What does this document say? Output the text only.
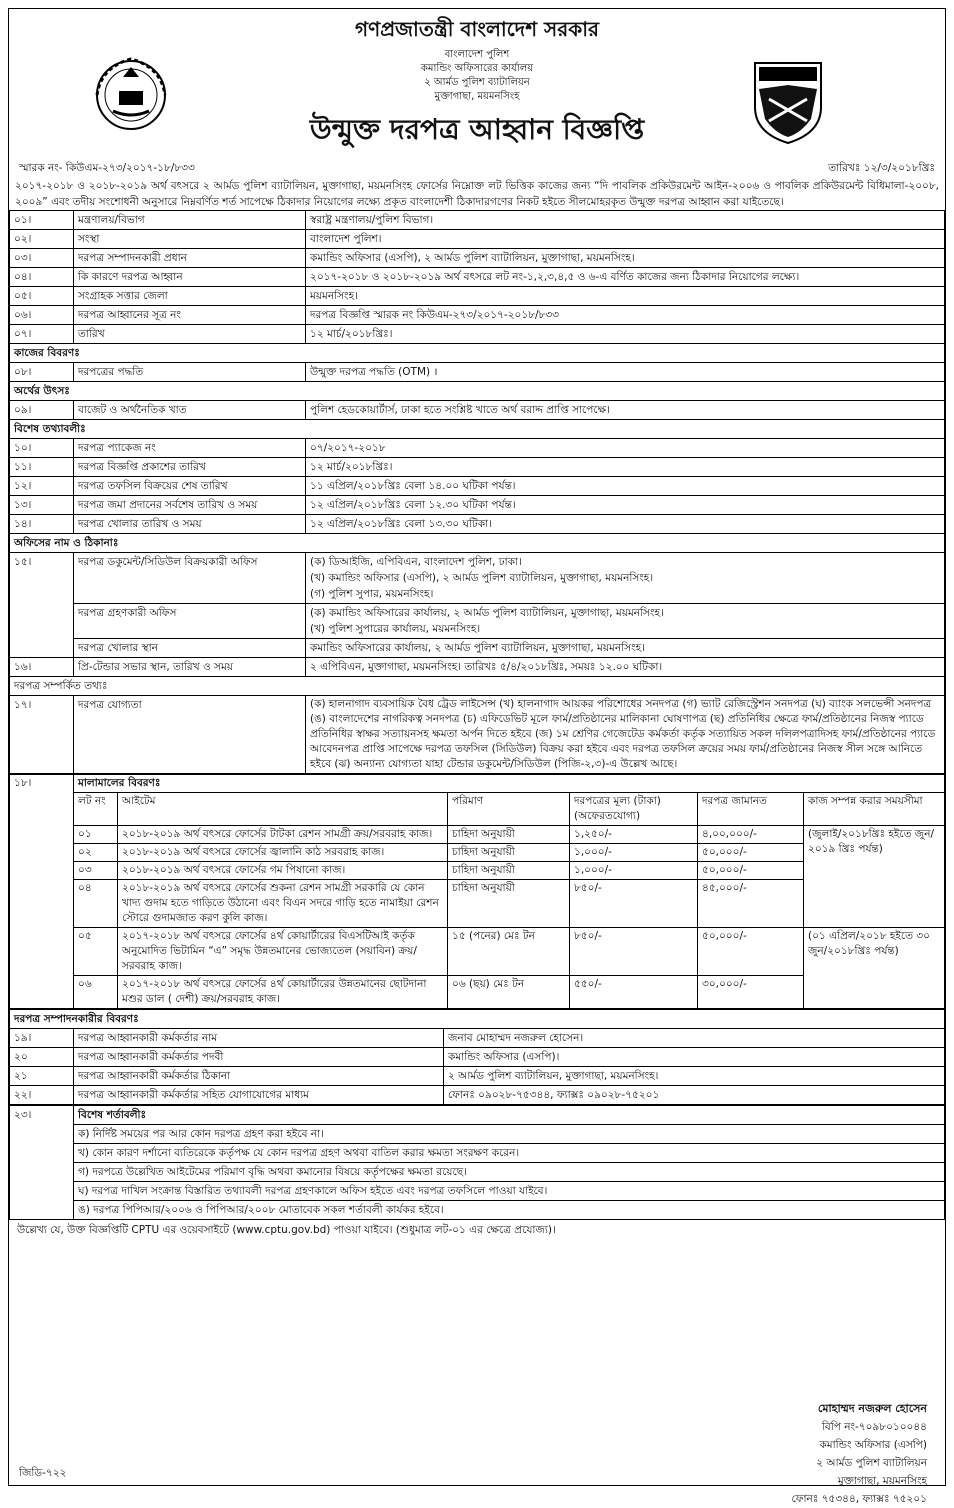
গণপ্রজাতন্ত্রী বাংলাদেশ সরকার
বাংলাদেশ পুলিশ
কমান্ডিং অফিসারের কার্যালয়
২ আর্মড পুলিশ ব্যাটালিয়ন
মুক্তাগাছা, ময়মনসিংহ
উন্মুক্ত দরপত্র আহ্বান বিজ্ঞপ্তি
স্মারক নং- কিউএম-২৭৩/২০১৭-১৮/৮৩৩	তারিখঃ ১২/৩/২০১৮খ্রিঃ
২০১৭-২০১৮ ও ২০১৮-২০১৯ অর্থ বৎসরে ২ আর্মড পুলিশ ব্যাটালিয়ন, মুক্তাগাছা, ময়মনসিংহ ফোর্সের নিম্নোক্ত লট ভিত্তিক কাজের জন্য “দি পাবলিক প্রকিউরমেন্ট আইন-২০০৬ ও পাবলিক প্রকিউরমেন্ট বিধিমালা-২০০৮, ২০০৯” এবং তদীয় সংশোধনী অনুসারে নিম্নবর্ণিত শর্ত সাপেক্ষে ঠিকাদার নিয়োগের লক্ষ্যে প্রকৃত বাংলাদেশী ঠিকাদারগণের নিকট হইতে সীলমোহরকৃত উন্মুক্ত দরপত্র আহ্বান করা যাইতেছে।
০১।	মন্ত্রণালয়/বিভাগ	স্বরাষ্ট্র মন্ত্রণালয়/পুলিশ বিভাগ।
০২।	সংস্থা	বাংলাদেশ পুলিশ।
০৩।	দরপত্র সম্পাদনকারী প্রধান	কমান্ডিং অফিসার (এসপি), ২ আর্মড পুলিশ ব্যাটালিয়ন, মুক্তাগাছা, ময়মনসিংহ।
০৪।	কি কারণে দরপত্র আহ্বান	২০১৭-২০১৮ ও ২০১৮-২০১৯ অর্থ বৎসরে লট নং-১,২,৩,৪,৫ ও ৬-এ বর্ণিত কাজের জন্য ঠিকাদার নিয়োগের লক্ষ্যে।
০৫।	সংগ্রাহক সত্তার জেলা	ময়মনসিংহ।
০৬।	দরপত্র আহ্বানের সূত্র নং	দরপত্র বিজ্ঞপ্তি স্মারক নং কিউএম-২৭৩/২০১৭-২০১৮/৮৩৩
০৭।	তারিখ	১২ মার্চ/২০১৮খ্রিঃ।
কাজের বিবরণঃ		
০৮।	দরপত্রের পদ্ধতি	উন্মুক্ত দরপত্র পদ্ধতি (OTM) ।
অর্থের উৎসঃ		
০৯।	বাজেট ও অর্থনৈতিক খাত	পুলিশ হেডকোয়ার্টার্স, ঢাকা হতে সংশ্লিষ্ট খাতে অর্থ বরাদ্দ প্রাপ্তি সাপেক্ষে।
বিশেষ তথ্যাবলীঃ		
১০।	দরপত্র প্যাকেজ নং	০৭/২০১৭-২০১৮
১১।	দরপত্র বিজ্ঞপ্তি প্রকাশের তারিখ	১২ মার্চ/২০১৮খ্রিঃ।
১২।	দরপত্র তফসিল বিক্রয়ের শেষ তারিখ	১১ এপ্রিল/২০১৮খ্রিঃ বেলা ১৪.০০ ঘটিকা পর্যন্ত।
১৩।	দরপত্র জমা প্রদানের সর্বশেষ তারিখ ও সময়	১২ এপ্রিল/২০১৮খ্রিঃ বেলা ১২.৩০ ঘটিকা পর্যন্ত।
১৪।	দরপত্র খোলার তারিখ ও সময়	১২ এপ্রিল/২০১৮খ্রিঃ বেলা ১৩.৩০ ঘটিকা।
অফিসের নাম ও ঠিকানাঃ		
১৫।	দরপত্র ডকুমেন্ট/সিডিউল বিক্রয়কারী অফিস	(ক) ডিআইজি, এপিবিএন, বাংলাদেশ পুলিশ, ঢাকা।
(খ) কমান্ডিং অফিসার (এসপি), ২ আর্মড পুলিশ ব্যাটালিয়ন, মুক্তাগাছা, ময়মনসিংহ।
(গ) পুলিশ সুপার, ময়মনসিংহ।

	দরপত্র গ্রহণকারী অফিস	(ক) কমান্ডিং অফিসারের কার্যালয়, ২ আর্মড পুলিশ ব্যাটালিয়ন, মুক্তাগাছা, ময়মনসিংহ।
(খ) পুলিশ সুপারের কার্যালয়, ময়মনসিংহ।

	দরপত্র খোলার স্থান	কমান্ডিং অফিসারের কার্যালয়, ২ আর্মড পুলিশ ব্যাটালিয়ন, মুক্তাগাছা, ময়মনসিংহ।
১৬।	প্রি-টেন্ডার সভার স্থান, তারিখ ও সময়	২ এপিবিএন, মুক্তাগাছা, ময়মনসিংহ। তারিখঃ ৫/৪/২০১৮খ্রিঃ, সময়ঃ ১২.০০ ঘটিকা।
দরপত্র সম্পর্কিত তথ্যঃ		
১৭।	দরপত্র যোগ্যতা	(ক) হালনাগাদ ব্যবসায়িক বৈধ ট্রেড লাইসেন্স (খ) হালনাগাদ আয়কর পরিশোধের সনদপত্র (গ) ভ্যাট রেজিস্ট্রেশন সনদপত্র (ঘ) ব্যাংক সলভেন্সী সনদপত্র (ঙ) বাংলাদেশের নাগরিকত্ব সনদপত্র (চ) এফিডেভিট মূলে ফার্ম/প্রতিষ্ঠানের মালিকানা ঘোষণাপত্র (ছ) প্রতিনিধির ক্ষেত্রে ফার্ম/প্রতিষ্ঠানের নিজস্ব প্যাডে প্রতিনিধির স্বাক্ষর সত্যায়নসহ ক্ষমতা অর্পন দিতে হইবে (জ) ১ম শ্রেণির গেজেটেড কর্মকর্তা কর্তৃক সত্যায়িত সকল দলিলপত্রাদিসহ ফার্ম/প্রতিষ্ঠানের প্যাডে আবেদনপত্র প্রাপ্তি সাপেক্ষে দরপত্র তফসিল (সিডিউল) বিক্রয় করা হইবে এবং দরপত্র তফসিল ক্রয়ের সময় ফার্ম/প্রতিষ্ঠানের নিজস্ব সীল সঙ্গে আনিতে হইবে (ঝ) অন্যান্য যোগ্যতা যাহা টেন্ডার ডকুমেন্ট/সিডিউল (পিজি-২,৩)-এ উল্লেখ আছে।
১৮।	মালামালের বিবরণঃ					
	লট নং	আইটেম	পরিমাণ	দরপত্রের মূল্য (টাকা) (অফেরতযোগ্য)	দরপত্র জামানত	কাজ সম্পন্ন করার সময়সীমা
	০১	২০১৮-২০১৯ অর্থ বৎসরে ফোর্সের টাটকা রেশন সামগ্রী ক্রয়/সরবরাহ কাজ।	চাহিদা অনুযায়ী	১,২৫০/-	৪,০০,০০০/-	(জুলাই/২০১৮খ্রিঃ হইতে জুন/২০১৯ খ্রিঃ পর্যন্ত)
	০২	২০১৮-২০১৯ অর্থ বৎসরে ফোর্সের জ্বালানি কাঠ সরবরাহ কাজ।	চাহিদা অনুযায়ী	১,০০০/-	৫০,০০০/-	
	০৩	২০১৮-২০১৯ অর্থ বৎসরে ফোর্সের গম পিষানো কাজ।	চাহিদা অনুযায়ী	১,০০০/-	৫০,০০০/-	
	০৪	২০১৮-২০১৯ অর্থ বৎসরে ফোর্সের শুকনা রেশন সামগ্রী সরকারি যে কোন খাদ্য গুদাম হতে গাড়িতে উঠানো এবং বিএন সদরে গাড়ি হতে নামাইয়া রেশন স্টোরে গুদামজাত করণ কুলি কাজ।	চাহিদা অনুযায়ী	৮৫০/-	৪৫,০০০/-	
	০৫	২০১৭-২০১৮ অর্থ বৎসরে ফোর্সের ৪র্থ কোয়ার্টারের বিএসটিআই কর্তৃক অনুমোদিত ভিটামিন “এ” সমৃদ্ধ উন্নতমানের ভোজ্যতেল (সয়াবিন) ক্রয়/সরবরাহ কাজ।	১৫ (পনের) মেঃ টন	৮৫০/-	৫০,০০০/-	(০১ এপ্রিল/২০১৮ হইতে ৩০ জুন/২০১৮খ্রিঃ পর্যন্ত)
	০৬	২০১৭-২০১৮ অর্থ বৎসরে ফোর্সের ৪র্থ কোয়ার্টারের উন্নতমানের ছোটদানা মশুর ডাল ( দেশী) ক্রয়/সরবরাহ কাজ।	০৬ (ছয়) মেঃ টন	৫৫০/-	৩০,০০০/-	
দরপত্র সম্পাদনকারীর বিবরণঃ		
১৯।	দরপত্র আহ্বানকারী কর্মকর্তার নাম	জনাব মোহাম্মদ নজরুল হোসেন।
২০	দরপত্র আহ্বানকারী কর্মকর্তার পদবী	কমান্ডিং অফিসার (এসপি)।
২১	দরপত্র আহ্বানকারী কর্মকর্তার ঠিকানা	২ আর্মড পুলিশ ব্যাটালিয়ন, মুক্তাগাছা, ময়মনসিংহ।
২২।	দরপত্র আহ্বানকারী কর্মকর্তার সহিত যোগাযোগের মাধ্যম	ফোনঃ ০৯০২৮-৭৫৩৪৪, ফ্যাক্সঃ ০৯০২৮-৭৫২০১
২৩।	বিশেষ শর্তাবলীঃ
ক) নির্দিষ্ট সময়ের পর আর কোন দরপত্র গ্রহণ করা হইবে না।
খ) কোন কারণ দর্শানো ব্যতিরেকে কর্তৃপক্ষ যে কোন দরপত্র গ্রহণ অথবা বাতিল করার ক্ষমতা সংরক্ষণ করেন।
গ) দরপত্রে উল্লেখিত আইটেমের পরিমাণ বৃদ্ধি অথবা কমানোর বিষয়ে কর্তৃপক্ষের ক্ষমতা রয়েছে।
ঘ) দরপত্র দাখিল সংক্রান্ত বিস্তারিত তথ্যাবলী দরপত্র গ্রহণকালে অফিস হইতে এবং দরপত্র তফসিলে পাওয়া যাইবে।
ঙ) দরপত্র পিপিআর/২০০৬ ও পিপিআর/২০০৮ মোতাবেক সকল শর্তাবলী কার্যকর হইবে।
উল্লেখ্য যে, উক্ত বিজ্ঞপ্তিটি CPTU এর ওয়েবসাইটে (www.cptu.gov.bd) পাওয়া যাইবে। (শুধুমাত্র লট-০১ এর ক্ষেত্রে প্রযোজ্য)।
মোহাম্মদ নজরুল হোসেন
বিপি নং-৭০৯৮০১০০৪৪
কমান্ডিং অফিসার (এসপি)
২ আর্মড পুলিশ ব্যাটালিয়ন
মুক্তাগাছা, ময়মনসিংহ
ফোনঃ ৭৫৩৪৪, ফ্যাক্সঃ ৭৫২০১
জিডি-৭২২
